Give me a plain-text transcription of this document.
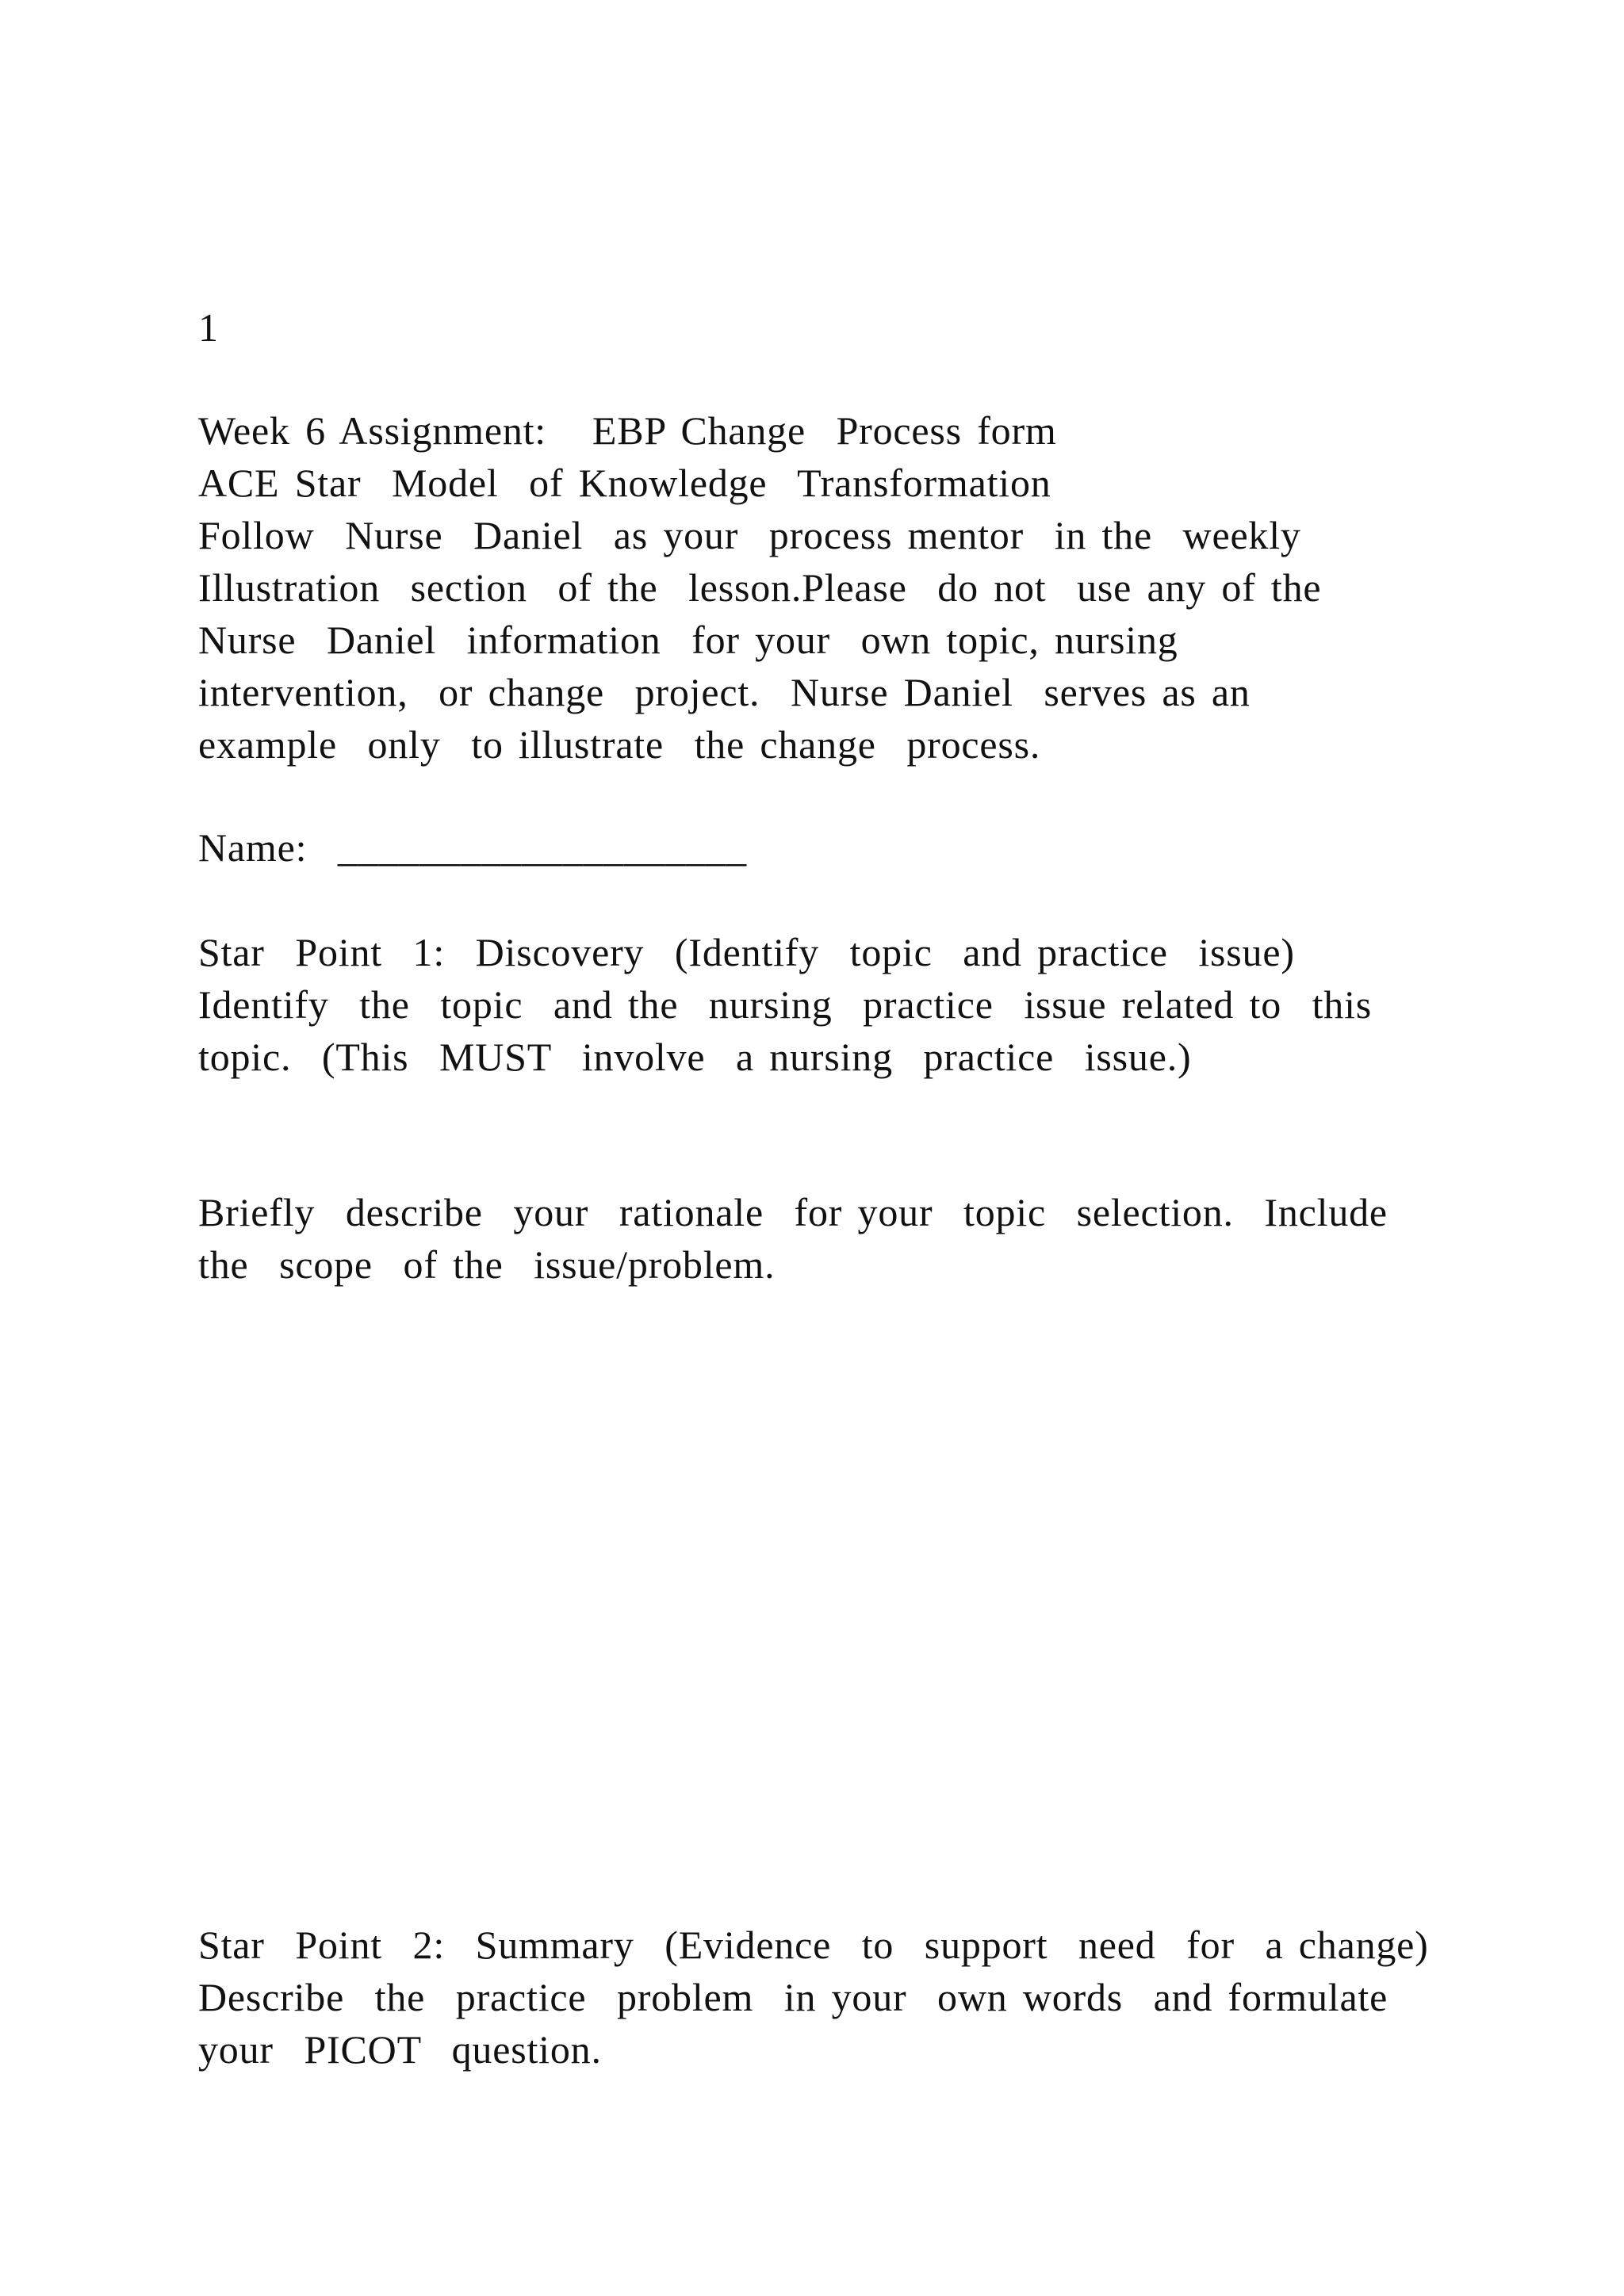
1
Week 6 Assignment:   EBP Change  Process form
ACE Star  Model  of Knowledge  Transformation
Follow  Nurse  Daniel  as your  process mentor  in the  weekly
Illustration  section  of the  lesson.Please  do not  use any of the
Nurse  Daniel  information  for your  own topic, nursing
intervention,  or change  project.  Nurse Daniel  serves as an
example  only  to illustrate  the change  process.
Name:  ____________________
Star  Point  1:  Discovery  (Identify  topic  and practice  issue)
Identify  the  topic  and the  nursing  practice  issue related to  this
topic.  (This  MUST  involve  a nursing  practice  issue.)
Briefly  describe  your  rationale  for your  topic  selection.  Include
the  scope  of the  issue/problem.
Star  Point  2:  Summary  (Evidence  to  support  need  for  a change)
Describe  the  practice  problem  in your  own words  and formulate
your  PICOT  question.
